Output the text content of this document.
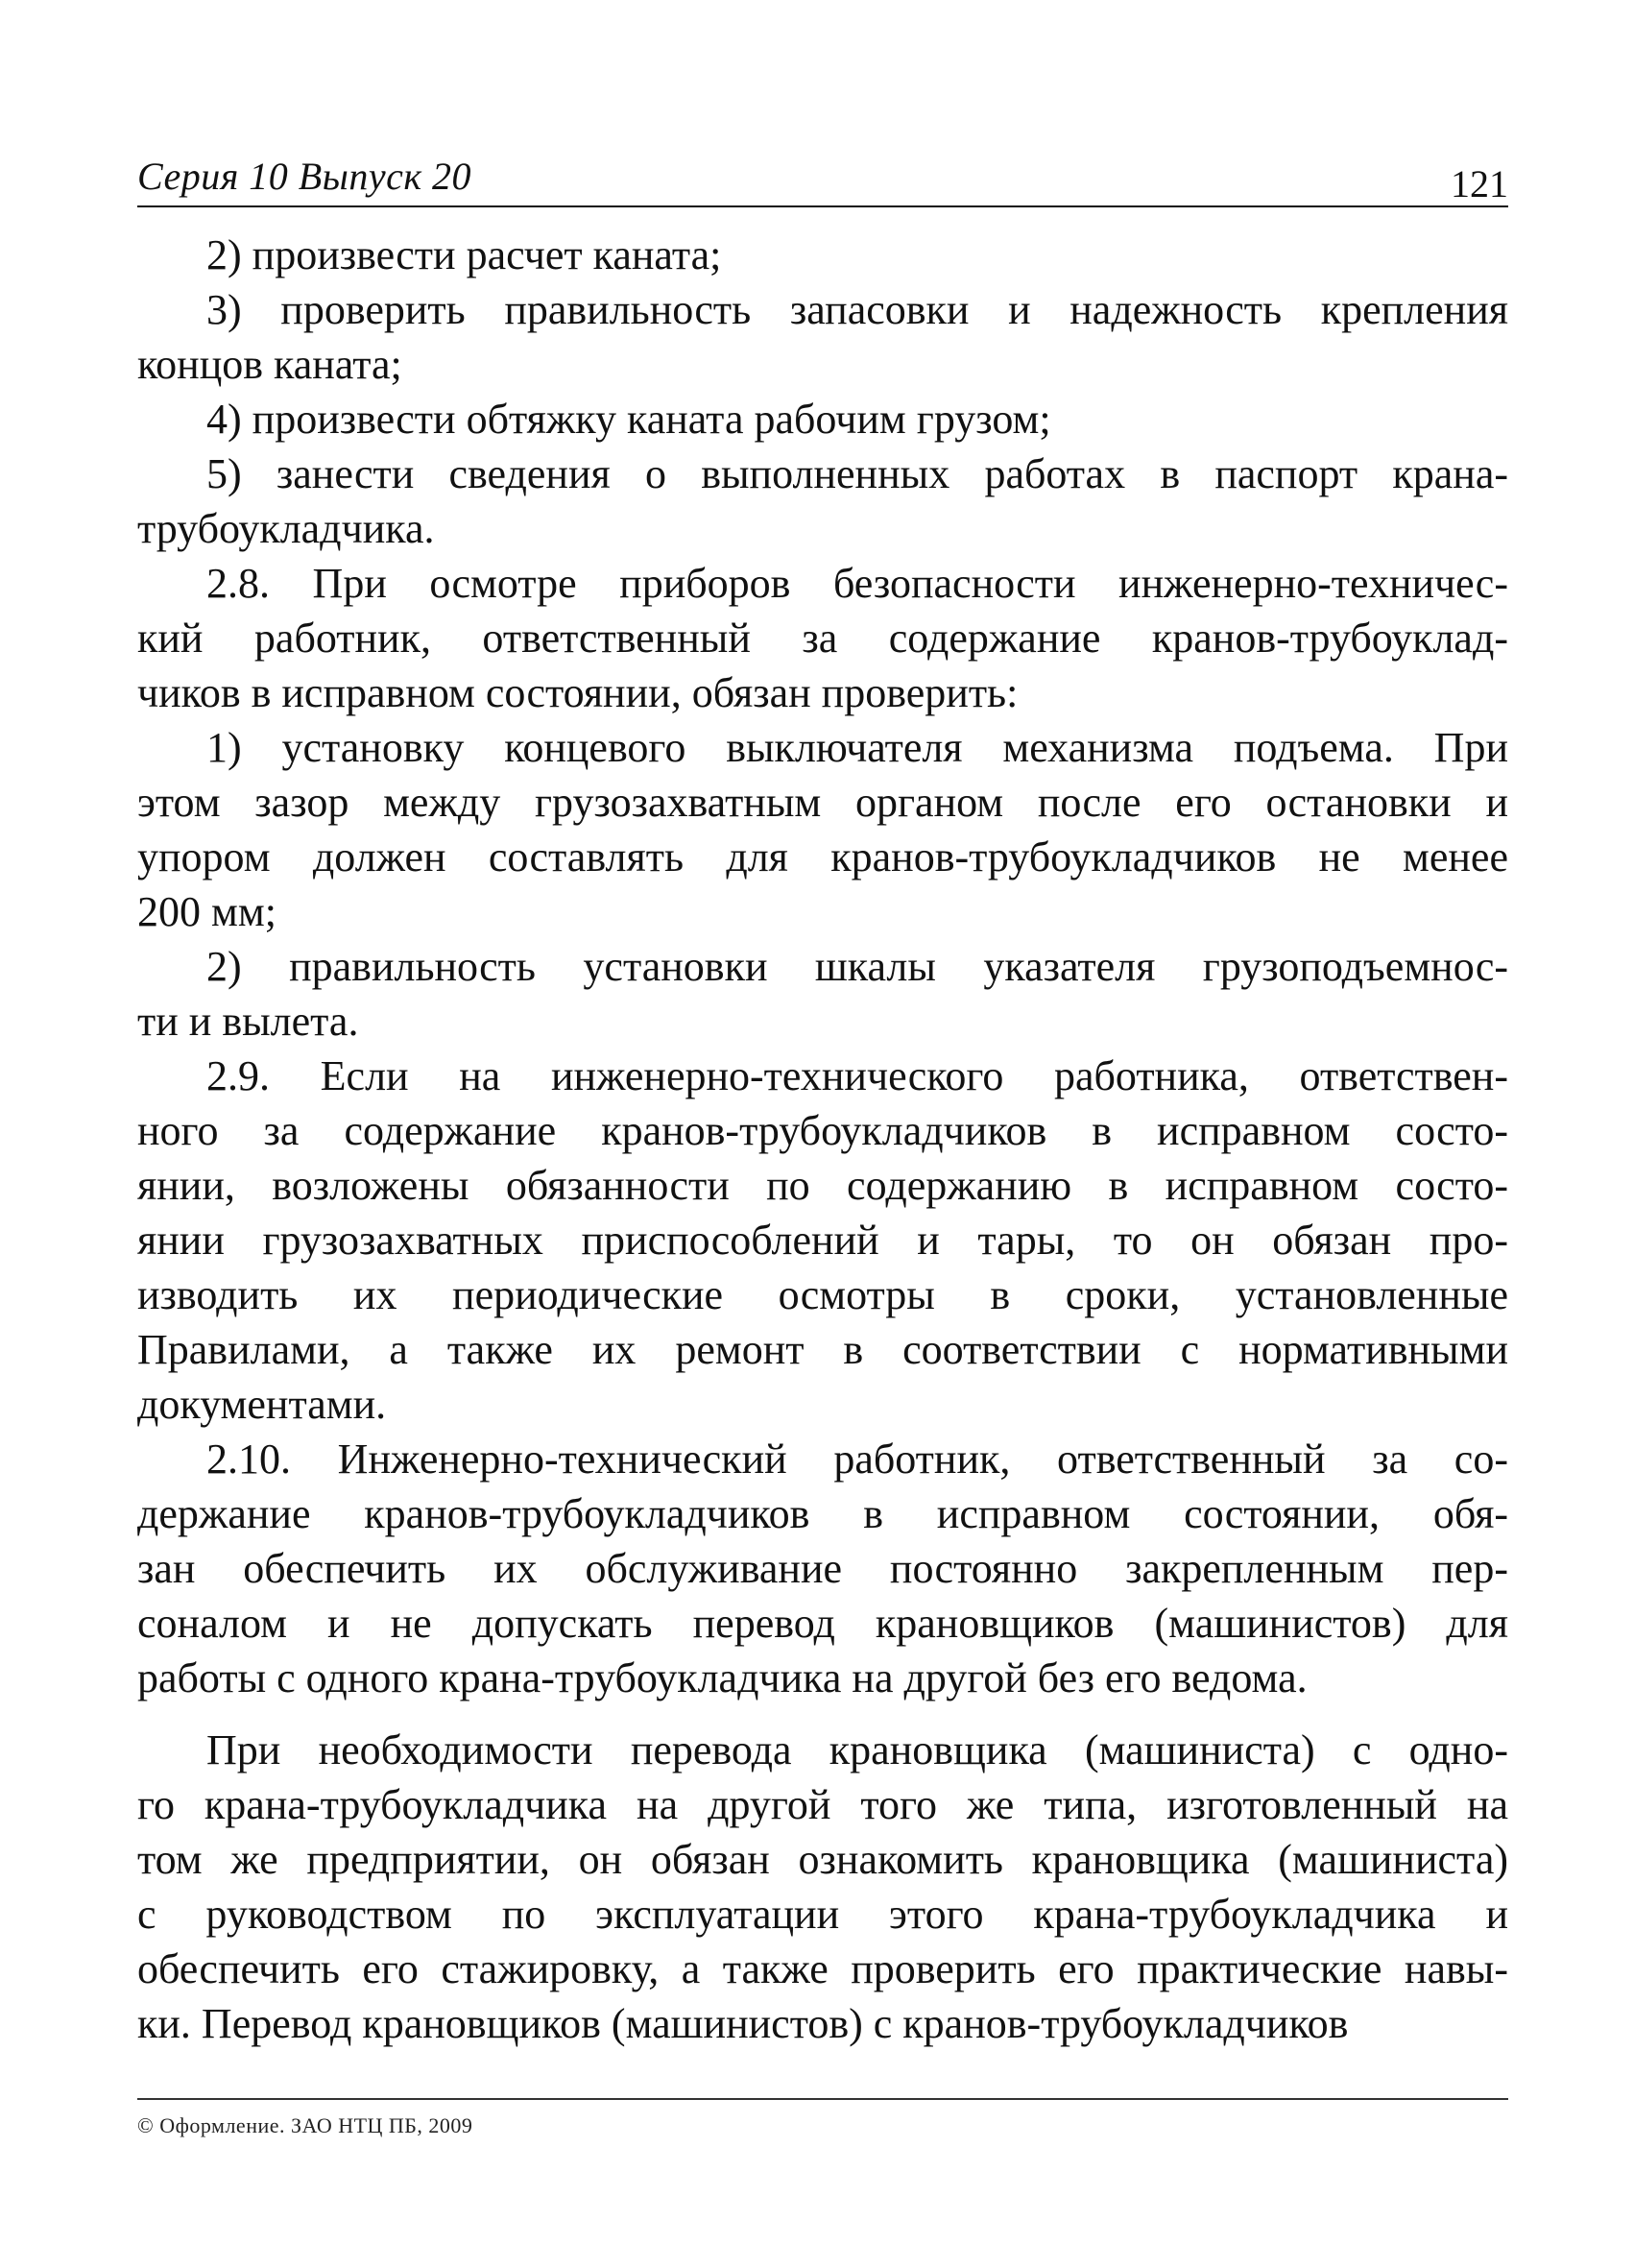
Серия 10 Выпуск 20	121
2) произвести расчет каната;
3) проверить правильность запасовки и надежность крепления
концов каната;
4) произвести обтяжку каната рабочим грузом;
5) занести сведения о выполненных работах в паспорт крана-
трубоукладчика.
2.8. При осмотре приборов безопасности инженерно-техничес-
кий работник, ответственный за содержание кранов-трубоуклад-
чиков в исправном состоянии, обязан проверить:
1) установку концевого выключателя механизма подъема. При
этом зазор между грузозахватным органом после его остановки и
упором должен составлять для кранов-трубоукладчиков не менее
200 мм;
2) правильность установки шкалы указателя грузоподъемнос-
ти и вылета.
2.9. Если на инженерно-технического работника, ответствен-
ного за содержание кранов-трубоукладчиков в исправном состо-
янии, возложены обязанности по содержанию в исправном состо-
янии грузозахватных приспособлений и тары, то он обязан про-
изводить их периодические осмотры в сроки, установленные
Правилами, а также их ремонт в соответствии с нормативными
документами.
2.10. Инженерно-технический работник, ответственный за со-
держание кранов-трубоукладчиков в исправном состоянии, обя-
зан обеспечить их обслуживание постоянно закрепленным пер-
соналом и не допускать перевод крановщиков (машинистов) для
работы с одного крана-трубоукладчика на другой без его ведома.
При необходимости перевода крановщика (машиниста) с одно-
го крана-трубоукладчика на другой того же типа, изготовленный на
том же предприятии, он обязан ознакомить крановщика (машиниста)
с руководством по эксплуатации этого крана-трубоукладчика и
обеспечить его стажировку, а также проверить его практические навы-
ки. Перевод крановщиков (машинистов) с кранов-трубоукладчиков
© Оформление. ЗАО НТЦ ПБ, 2009
